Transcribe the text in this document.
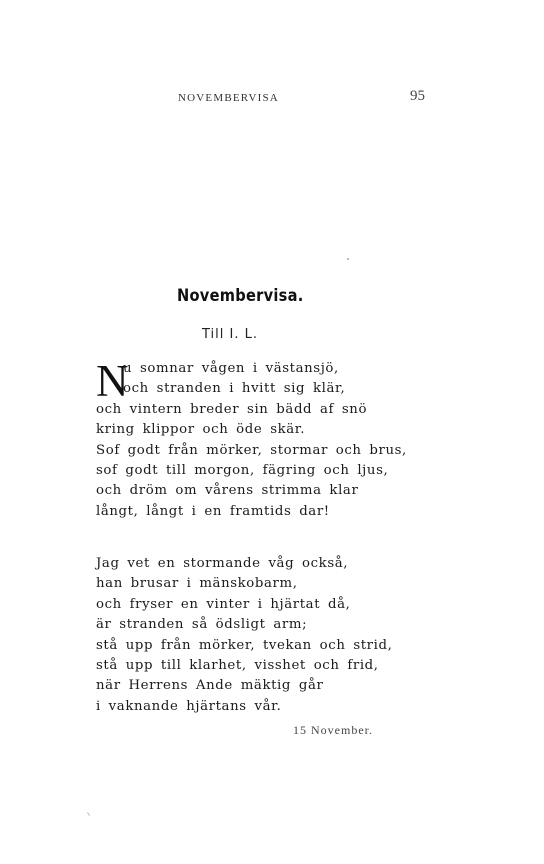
NOVEMBERVISA	95
Novembervisa.
Till I. L.
N
u somnar vågen i västansjö,
och stranden i hvitt sig klär,
och vintern breder sin bädd af snö
kring klippor och öde skär.
Sof godt från mörker, stormar och brus,
sof godt till morgon, fägring och ljus,
och dröm om vårens strimma klar
långt, långt i en framtids dar!
Jag vet en stormande våg också,
han brusar i mänskobarm,
och fryser en vinter i hjärtat då,
är stranden så ödsligt arm;
stå upp från mörker, tvekan och strid,
stå upp till klarhet, visshet och frid,
när Herrens Ande mäktig går
i vaknande hjärtans vår.
15 November.
